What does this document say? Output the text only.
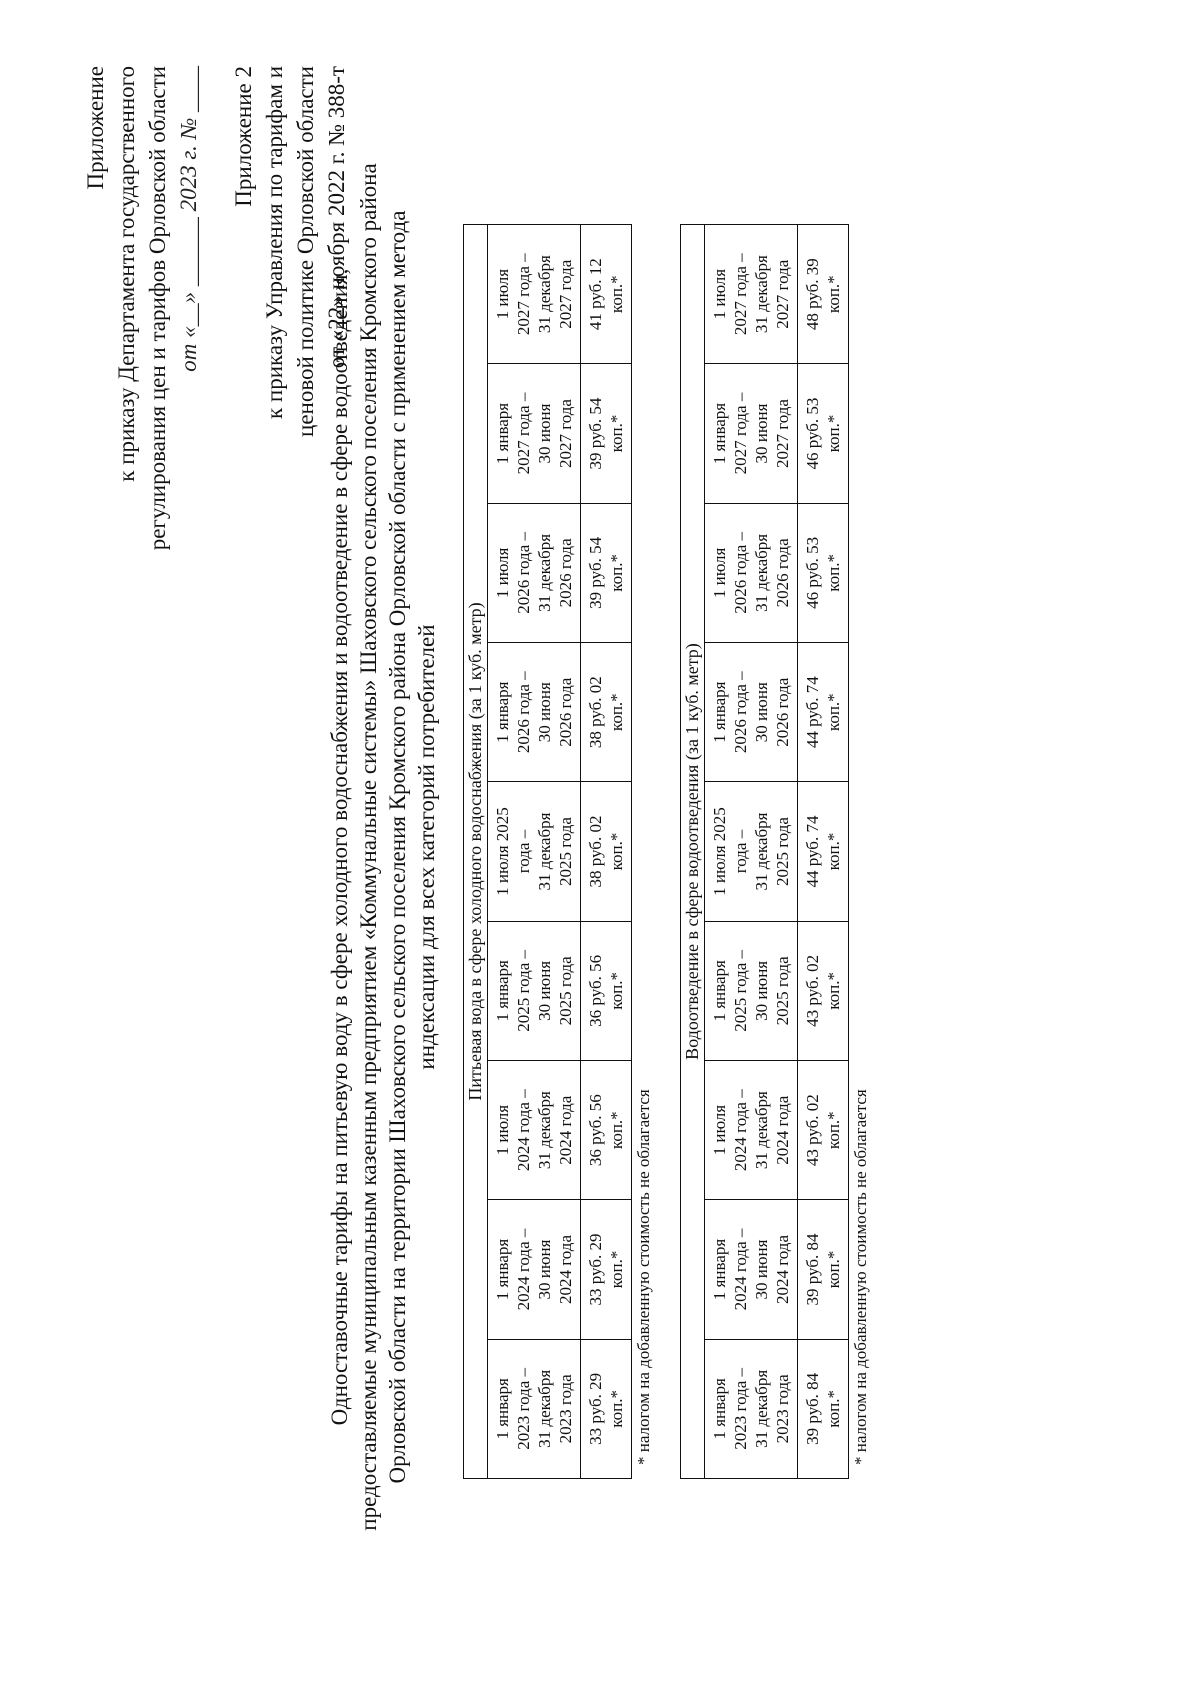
Приложение к приказу Департамента государственного регулирования цен и тарифов Орловской области от «__» ______ 2023 г. № ____ Приложение 2 к приказу Управления по тарифам и ценовой политике Орловской области от «22» ноября 2022 г. № 388-т
Одноставочные тарифы на питьевую воду в сфере холодного водоснабжения и водоотведение в сфере водоотведения, предоставляемые муниципальным казенным предприятием «Коммунальные системы» Шаховского сельского поселения Кромского района Орловской области на территории Шаховского сельского поселения Кромского района Орловской области с применением метода индексации для всех категорий потребителей Питьевая вода в сфере холодного водоснабжения (за 1 куб. метр)								

1 января 2023 года – 31 декабря 2023 года	1 января 2024 года – 30 июня 2024 года	1 июля 2024 года – 31 декабря 2024 года	1 января 2025 года – 30 июня 2025 года	1 июля 2025 года – 31 декабря 2025 года	1 января 2026 года – 30 июня 2026 года	1 июля 2026 года – 31 декабря 2026 года	1 января 2027 года – 30 июня 2027 года	1 июля 2027 года – 31 декабря 2027 года

33 руб. 29 коп.*	33 руб. 29 коп.*	36 руб. 56 коп.*	36 руб. 56 коп.*	38 руб. 02 коп.*	38 руб. 02 коп.*	39 руб. 54 коп.*	39 руб. 54 коп.*	41 руб. 12 коп.*
* налогом на добавленную стоимость не облагается
Водоотведение в сфере водоотведения (за 1 куб. метр)								

1 января 2023 года – 31 декабря 2023 года	1 января 2024 года – 30 июня 2024 года	1 июля 2024 года – 31 декабря 2024 года	1 января 2025 года – 30 июня 2025 года	1 июля 2025 года – 31 декабря 2025 года	1 января 2026 года – 30 июня 2026 года	1 июля 2026 года – 31 декабря 2026 года	1 января 2027 года – 30 июня 2027 года	1 июля 2027 года – 31 декабря 2027 года

39 руб. 84 коп.*	39 руб. 84 коп.*	43 руб. 02 коп.*	43 руб. 02 коп.*	44 руб. 74 коп.*	44 руб. 74 коп.*	46 руб. 53 коп.*	46 руб. 53 коп.*	48 руб. 39 коп.*
* налогом на добавленную стоимость не облагается
